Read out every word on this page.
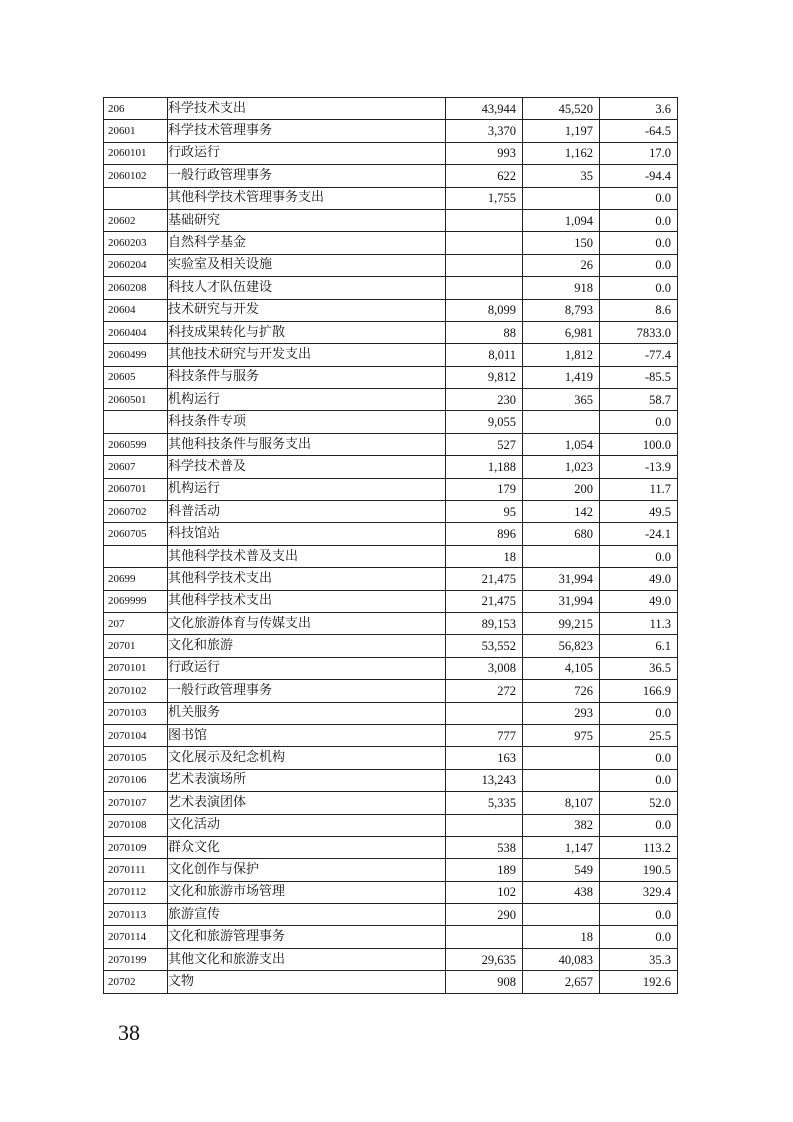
206	科学技术支出	43,944	45,520	3.6
20601	科学技术管理事务	3,370	1,197	-64.5
2060101	行政运行	993	1,162	17.0
2060102	一般行政管理事务	622	35	-94.4
	其他科学技术管理事务支出	1,755		0.0
20602	基础研究		1,094	0.0
2060203	自然科学基金		150	0.0
2060204	实验室及相关设施		26	0.0
2060208	科技人才队伍建设		918	0.0
20604	技术研究与开发	8,099	8,793	8.6
2060404	科技成果转化与扩散	88	6,981	7833.0
2060499	其他技术研究与开发支出	8,011	1,812	-77.4
20605	科技条件与服务	9,812	1,419	-85.5
2060501	机构运行	230	365	58.7
	科技条件专项	9,055		0.0
2060599	其他科技条件与服务支出	527	1,054	100.0
20607	科学技术普及	1,188	1,023	-13.9
2060701	机构运行	179	200	11.7
2060702	科普活动	95	142	49.5
2060705	科技馆站	896	680	-24.1
	其他科学技术普及支出	18		0.0
20699	其他科学技术支出	21,475	31,994	49.0
2069999	其他科学技术支出	21,475	31,994	49.0
207	文化旅游体育与传媒支出	89,153	99,215	11.3
20701	文化和旅游	53,552	56,823	6.1
2070101	行政运行	3,008	4,105	36.5
2070102	一般行政管理事务	272	726	166.9
2070103	机关服务		293	0.0
2070104	图书馆	777	975	25.5
2070105	文化展示及纪念机构	163		0.0
2070106	艺术表演场所	13,243		0.0
2070107	艺术表演团体	5,335	8,107	52.0
2070108	文化活动		382	0.0
2070109	群众文化	538	1,147	113.2
2070111	文化创作与保护	189	549	190.5
2070112	文化和旅游市场管理	102	438	329.4
2070113	旅游宣传	290		0.0
2070114	文化和旅游管理事务		18	0.0
2070199	其他文化和旅游支出	29,635	40,083	35.3
20702	文物	908	2,657	192.6
38
